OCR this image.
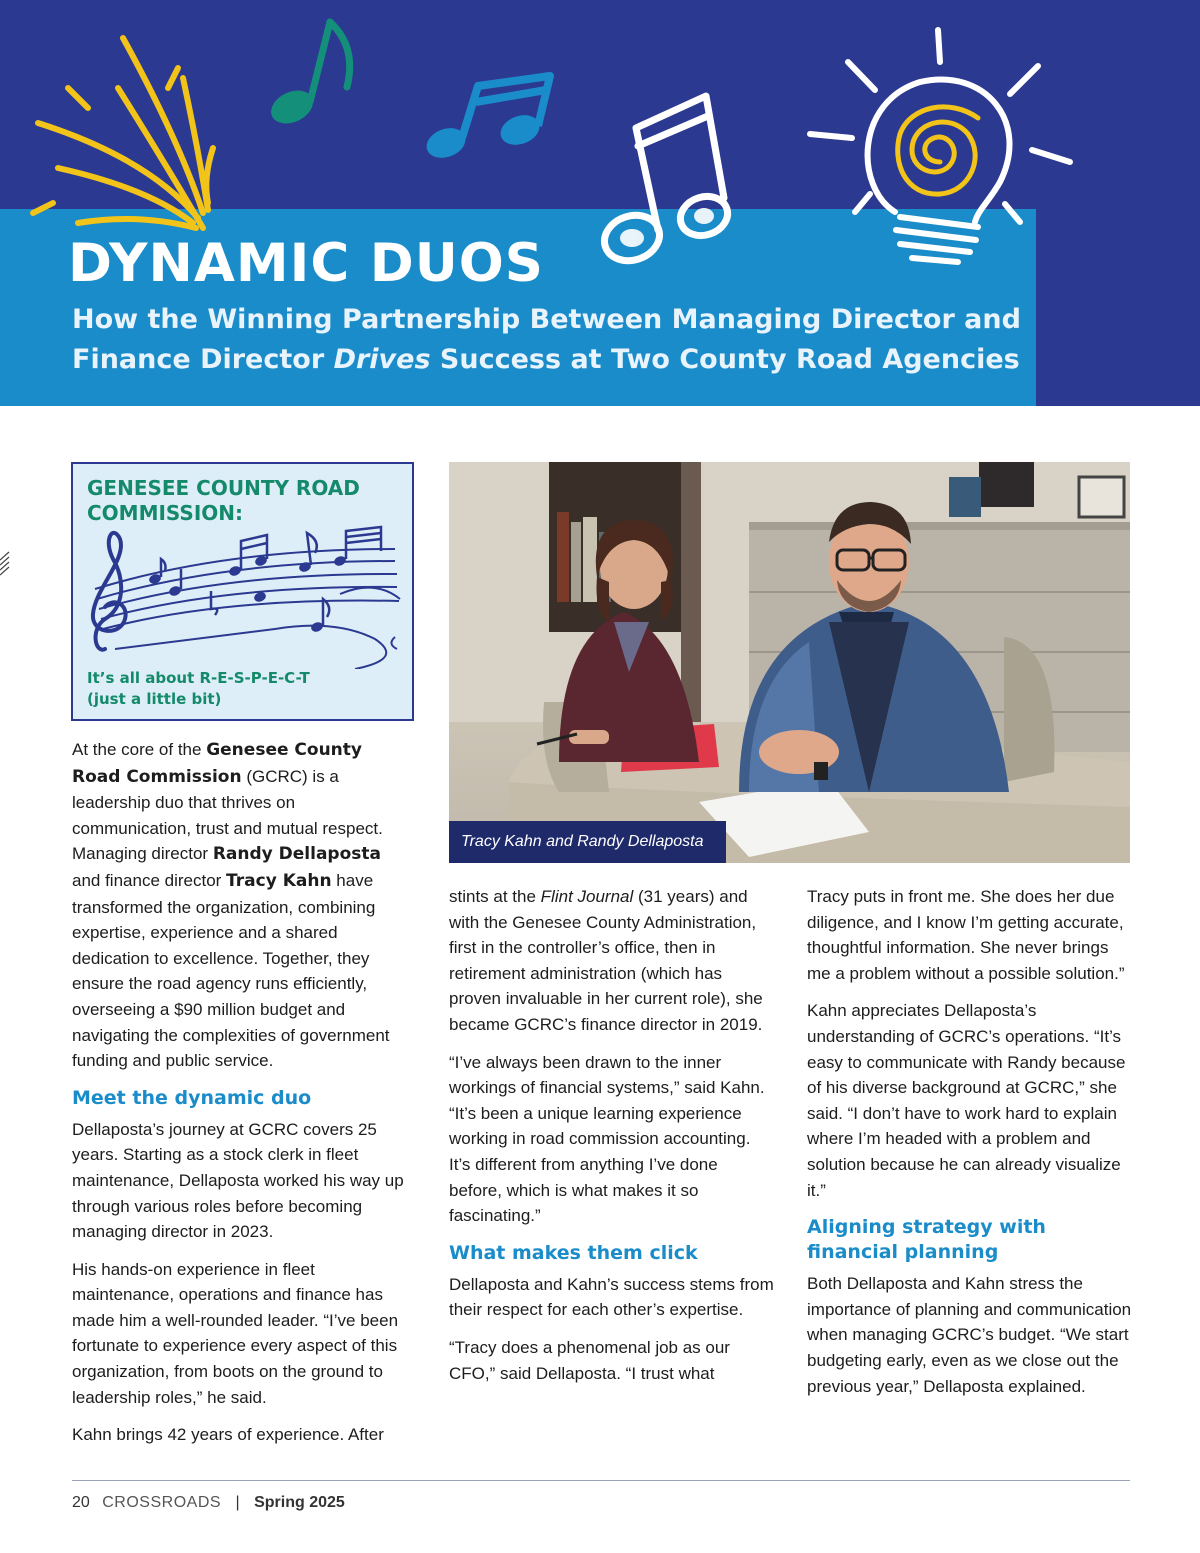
DYNAMIC DUOS

How the Winning Partnership Between Managing Director and Finance Director Drives Success at Two County Road Agencies

GENESEE COUNTY ROAD COMMISSION:

It’s all about R-E-S-P-E-C-T
(just a little bit)

Tracy Kahn and Randy Dellaposta

At the core of the Genesee County Road Commission (GCRC) is a leadership duo that thrives on communication, trust and mutual respect. Managing director Randy Dellaposta and finance director Tracy Kahn have transformed the organization, combining expertise, experience and a shared dedication to excellence. Together, they ensure the road agency runs efficiently, overseeing a $90 million budget and navigating the complexities of government funding and public service.

Meet the dynamic duo

Dellaposta’s journey at GCRC covers 25 years. Starting as a stock clerk in fleet maintenance, Dellaposta worked his way up through various roles before becoming managing director in 2023.

His hands-on experience in fleet maintenance, operations and finance has made him a well-rounded leader. “I’ve been fortunate to experience every aspect of this organization, from boots on the ground to leadership roles,” he said.

Kahn brings 42 years of experience. After

stints at the Flint Journal (31 years) and with the Genesee County Administration, first in the controller’s office, then in retirement administration (which has proven invaluable in her current role), she became GCRC’s finance director in 2019.

“I’ve always been drawn to the inner workings of financial systems,” said Kahn. “It’s been a unique learning experience working in road commission accounting. It’s different from anything I’ve done before, which is what makes it so fascinating.”

What makes them click

Dellaposta and Kahn’s success stems from their respect for each other’s expertise.

“Tracy does a phenomenal job as our CFO,” said Dellaposta. “I trust what

Tracy puts in front me. She does her due diligence, and I know I’m getting accurate, thoughtful information. She never brings me a problem without a possible solution.”

Kahn appreciates Dellaposta’s understanding of GCRC’s operations. “It’s easy to communicate with Randy because of his diverse background at GCRC,” she said. “I don’t have to work hard to explain where I’m headed with a problem and solution because he can already visualize it.”

Aligning strategy with financial planning

Both Dellaposta and Kahn stress the importance of planning and communication when managing GCRC’s budget. “We start budgeting early, even as we close out the previous year,” Dellaposta explained.

20 CROSSROADS | Spring 2025
